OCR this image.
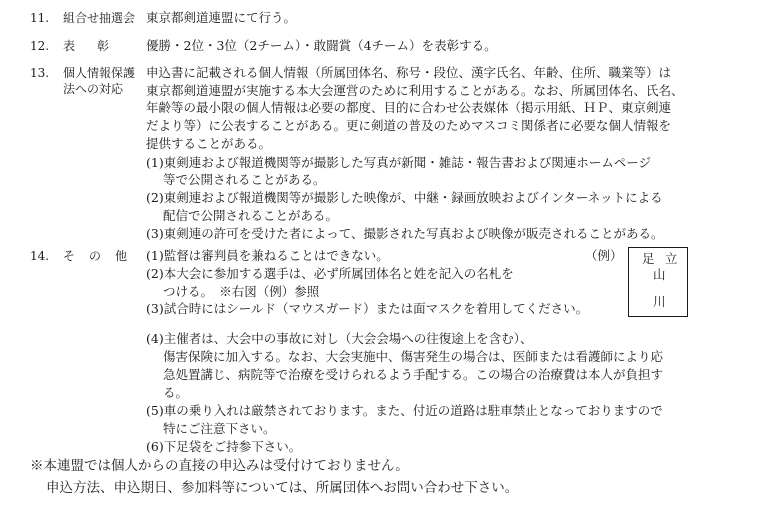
11. 組合せ抽選会 東京都剣道連盟にて行う。
12. 表彰 優勝・2位・3位（2チーム）・敢闘賞（4チーム）を表彰する。
13. 個人情報保護
法への対応
申込書に記載される個人情報（所属団体名、称号・段位、漢字氏名、年齢、住所、職業等）は
東京都剣道連盟が実施する本大会運営のために利用することがある。なお、所属団体名、氏名、
年齢等の最小限の個人情報は必要の都度、目的に合わせ公表媒体（掲示用紙、ＨＰ、東京剣連
だより等）に公表することがある。更に剣道の普及のためマスコミ関係者に必要な個人情報を
提供することがある。
(1)東剣連および報道機関等が撮影した写真が新聞・雑誌・報告書および関連ホームページ
等で公開されることがある。
(2)東剣連および報道機関等が撮影した映像が、中継・録画放映およびインターネットによる
配信で公開されることがある。
(3)東剣連の許可を受けた者によって、撮影された写真および映像が販売されることがある。
14. その他 (1)監督は審判員を兼ねることはできない。
(2)本大会に参加する選手は、必ず所属団体名と姓を記入の名札を
つける。　※右図（例）参照
(3)試合時にはシールド（マウスガード）または面マスクを着用してください。
(4)主催者は、大会中の事故に対し（大会会場への往復途上を含む）、
傷害保険に加入する。なお、大会実施中、傷害発生の場合は、医師または看護師により応
急処置講じ、病院等で治療を受けられるよう手配する。この場合の治療費は本人が負担す
る。
(5)車の乗り入れは厳禁されております。また、付近の道路は駐車禁止となっておりますので
特にご注意下さい。
(6)下足袋をご持参下さい。
（例） 足 立
山
川
※本連盟では個人からの直接の申込みは受付けておりません。
申込方法、申込期日、参加料等については、所属団体へお問い合わせ下さい。
